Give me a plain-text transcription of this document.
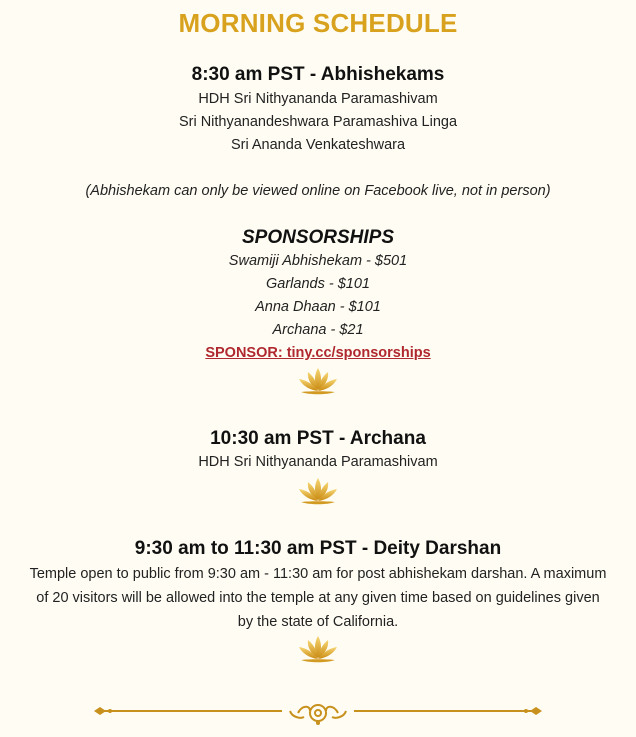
MORNING SCHEDULE
8:30 am PST - Abhishekams
HDH Sri Nithyananda Paramashivam
Sri Nithyanandeshwara Paramashiva Linga
Sri Ananda Venkateshwara
(Abhishekam can only be viewed online on Facebook live, not in person)
SPONSORSHIPS
Swamiji Abhishekam - $501
Garlands - $101
Anna Dhaan - $101
Archana - $21
SPONSOR: tiny.cc/sponsorships
10:30 am PST - Archana
HDH Sri Nithyananda Paramashivam
9:30 am to 11:30 am PST - Deity Darshan
Temple open to public from 9:30 am - 11:30 am for post abhishekam darshan. A maximum of 20 visitors will be allowed into the temple at any given time based on guidelines given by the state of California.
